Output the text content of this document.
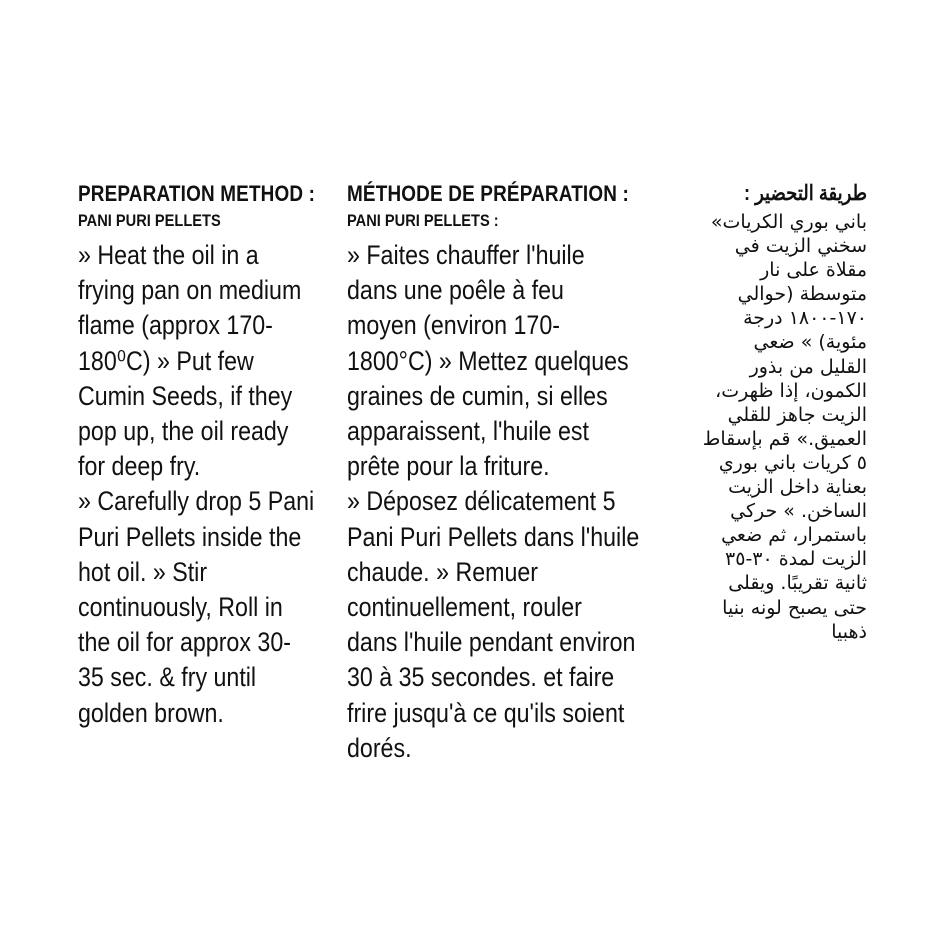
PREPARATION METHOD :
PANI PURI PELLETS
» Heat the oil in a
frying pan on medium
flame (approx 170-
180⁰C) » Put few
Cumin Seeds, if they
pop up, the oil ready
for deep fry.
» Carefully drop 5 Pani
Puri Pellets inside the
hot oil. » Stir
continuously, Roll in
the oil for approx 30-
35 sec. & fry until
golden brown.
MÉTHODE DE PRÉPARATION :
PANI PURI PELLETS :
» Faites chauffer l'huile
dans une poêle à feu
moyen (environ 170-
1800°C) » Mettez quelques
graines de cumin, si elles
apparaissent, l'huile est
prête pour la friture.
» Déposez délicatement 5
Pani Puri Pellets dans l'huile
chaude. » Remuer
continuellement, rouler
dans l'huile pendant environ
30 à 35 secondes. et faire
frire jusqu'à ce qu'ils soient
dorés.
طريقة التحضير :
باني بوري الكريات»
سخني الزيت في
مقلاة على نار
متوسطة (حوالي
١٧٠-١٨٠٠ درجة
مئوية) » ضعي
القليل من بذور
الكمون، إذا ظهرت،
الزيت جاهز للقلي
العميق.» قم بإسقاط
٥ كريات باني بوري
بعناية داخل الزيت
الساخن. » حركي
باستمرار، ثم ضعي
الزيت لمدة ٣٠-٣٥
ثانية تقريبًا. ويقلى
حتى يصبح لونه بنيا
ذهبيا
